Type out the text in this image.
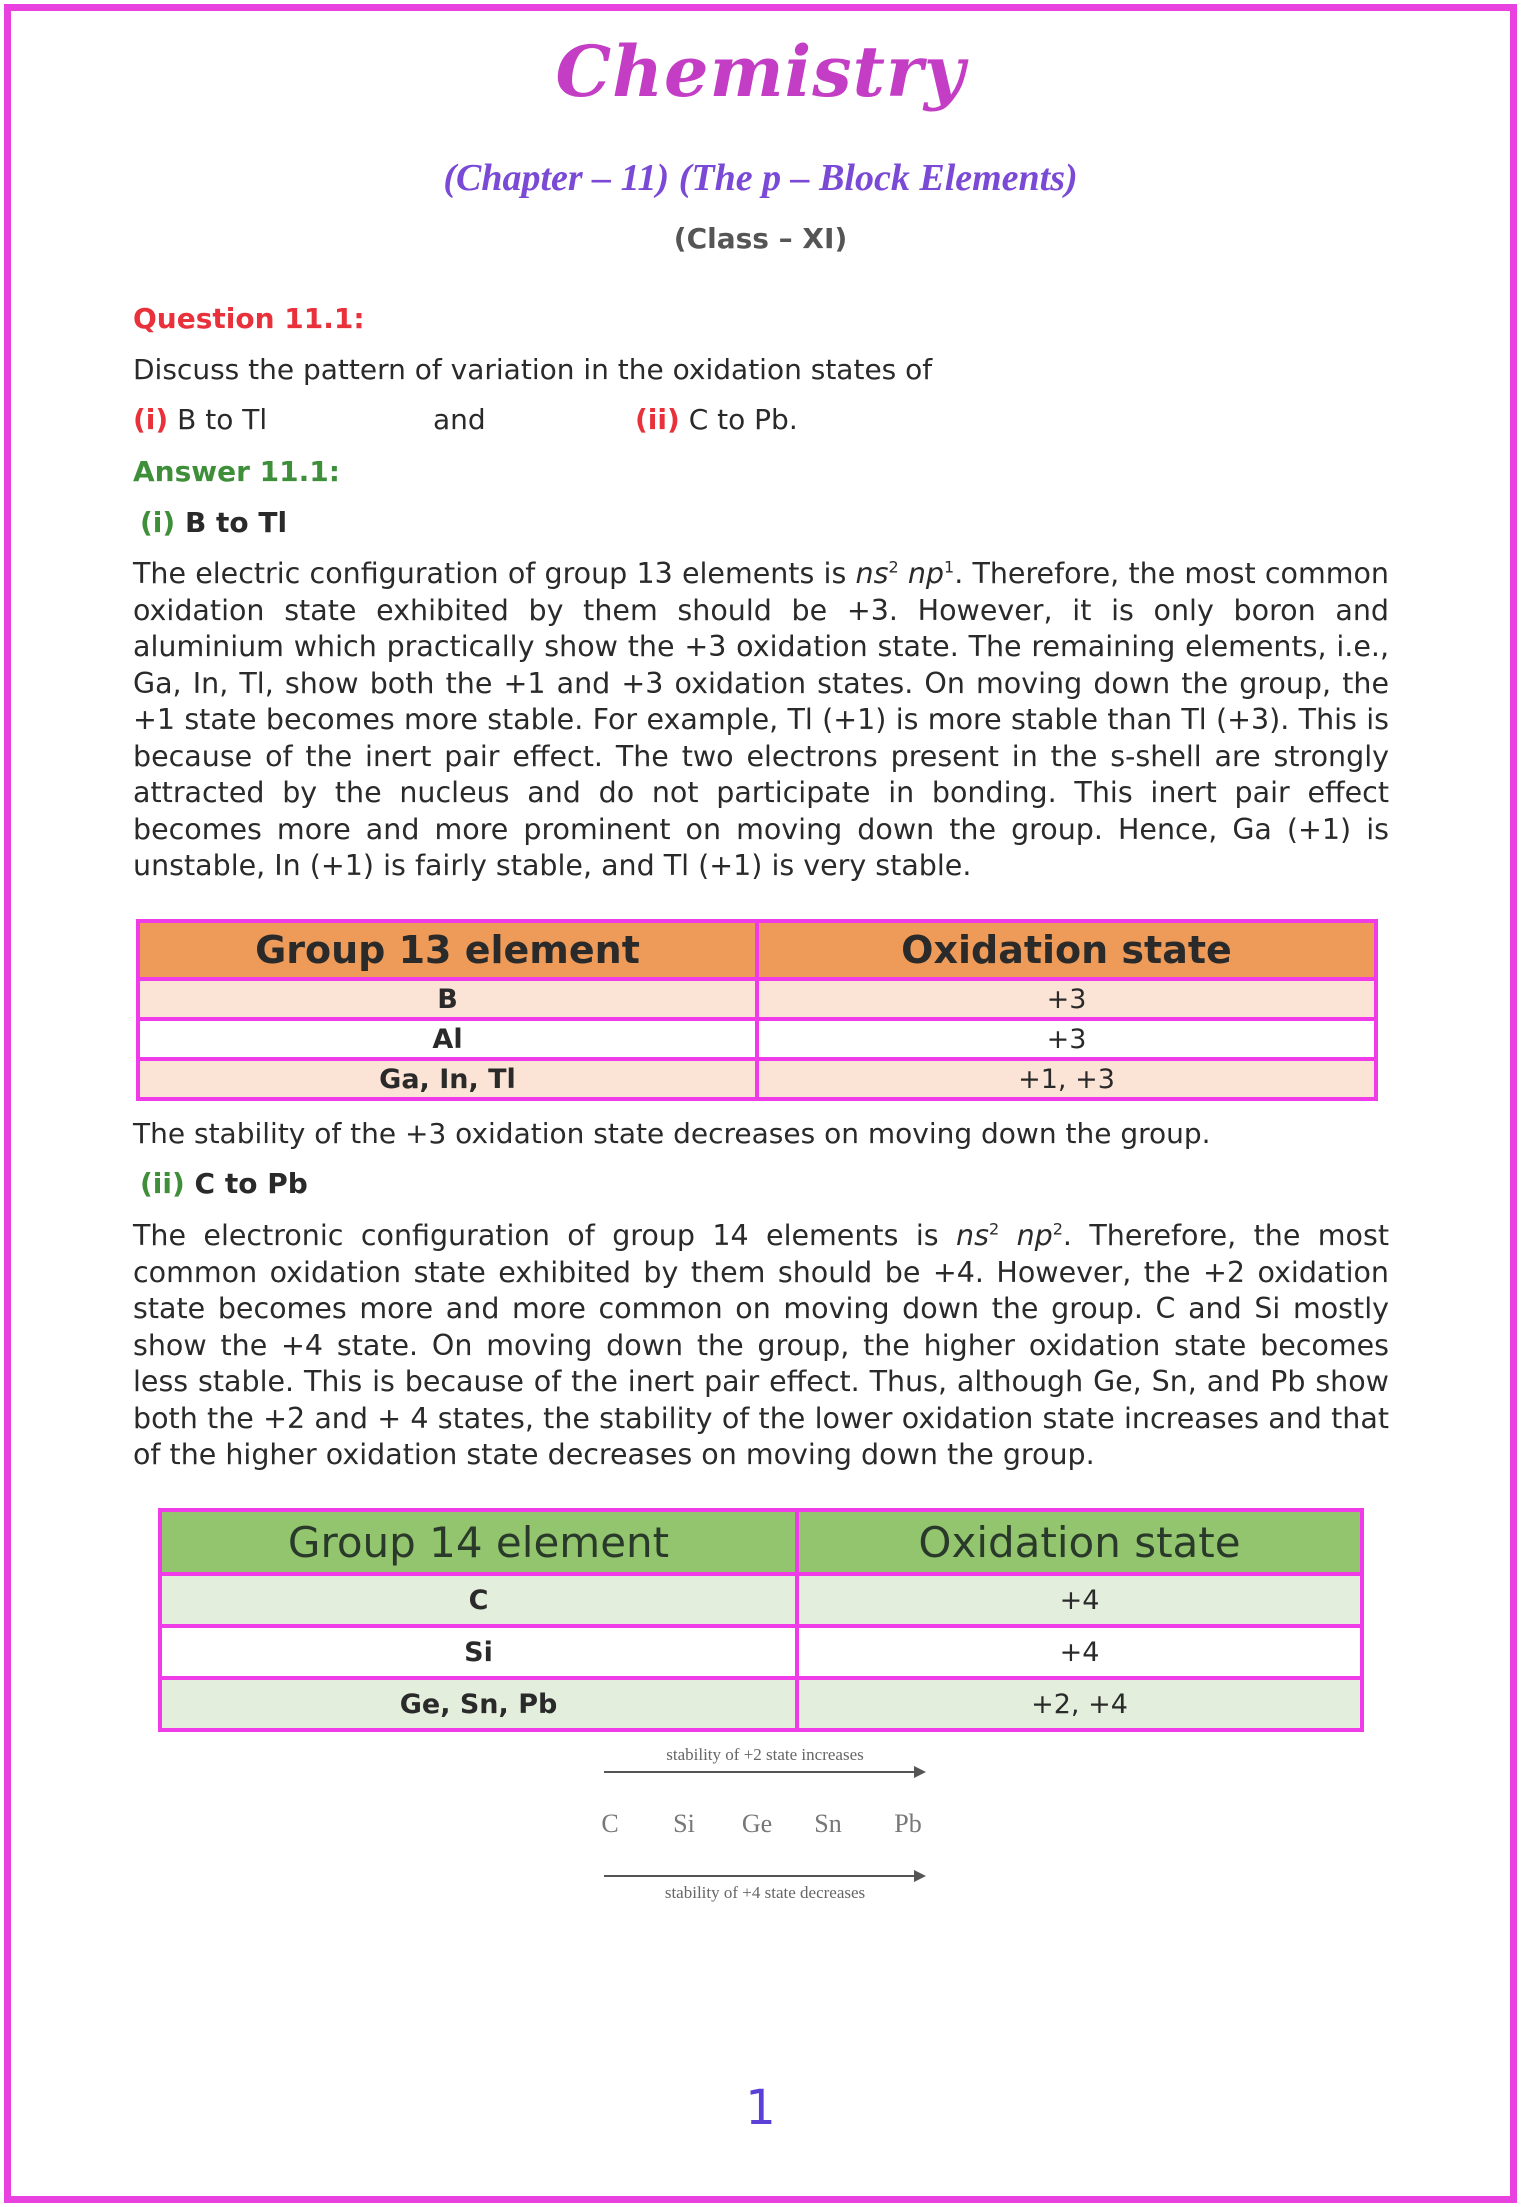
Chemistry
(Chapter – 11) (The p – Block Elements)
(Class – XI)
Question 11.1:
Discuss the pattern of variation in the oxidation states of
(i) B to Tl	and	(ii) C to Pb.
Answer 11.1:
(i) B to Tl

The electric configuration of group 13 elements is $ns^2$ $np^1$. Therefore, the most common oxidation state exhibited by them should be +3. However, it is only boron and aluminium which practically show the +3 oxidation state. The remaining elements, i.e., Ga, In, Tl, show both the +1 and +3 oxidation states. On moving down the group, the +1 state becomes more stable. For example, Tl (+1) is more stable than Tl (+3). This is because of the inert pair effect. The two electrons present in the s-shell are strongly attracted by the nucleus and do not participate in bonding. This inert pair effect becomes more and more prominent on moving down the group. Hence, Ga (+1) is unstable, In (+1) is fairly stable, and Tl (+1) is very stable.

Group 13 element	Oxidation state
B	+3
Al	+3
Ga, In, Tl	+1, +3
The stability of the +3 oxidation state decreases on moving down the group.
(ii) C to Pb

The electronic configuration of group 14 elements is $ns^2$ $np^2$. Therefore, the most common oxidation state exhibited by them should be +4. However, the +2 oxidation state becomes more and more common on moving down the group. C and Si mostly show the +4 state. On moving down the group, the higher oxidation state becomes less stable. This is because of the inert pair effect. Thus, although Ge, Sn, and Pb show both the +2 and + 4 states, the stability of the lower oxidation state increases and that of the higher oxidation state decreases on moving down the group.

Group 14 element	Oxidation state
C	+4
Si	+4
Ge, Sn, Pb	+2, +4
stability of +2 state increases
C Si Ge Sn Pb
stability of +4 state decreases
1
